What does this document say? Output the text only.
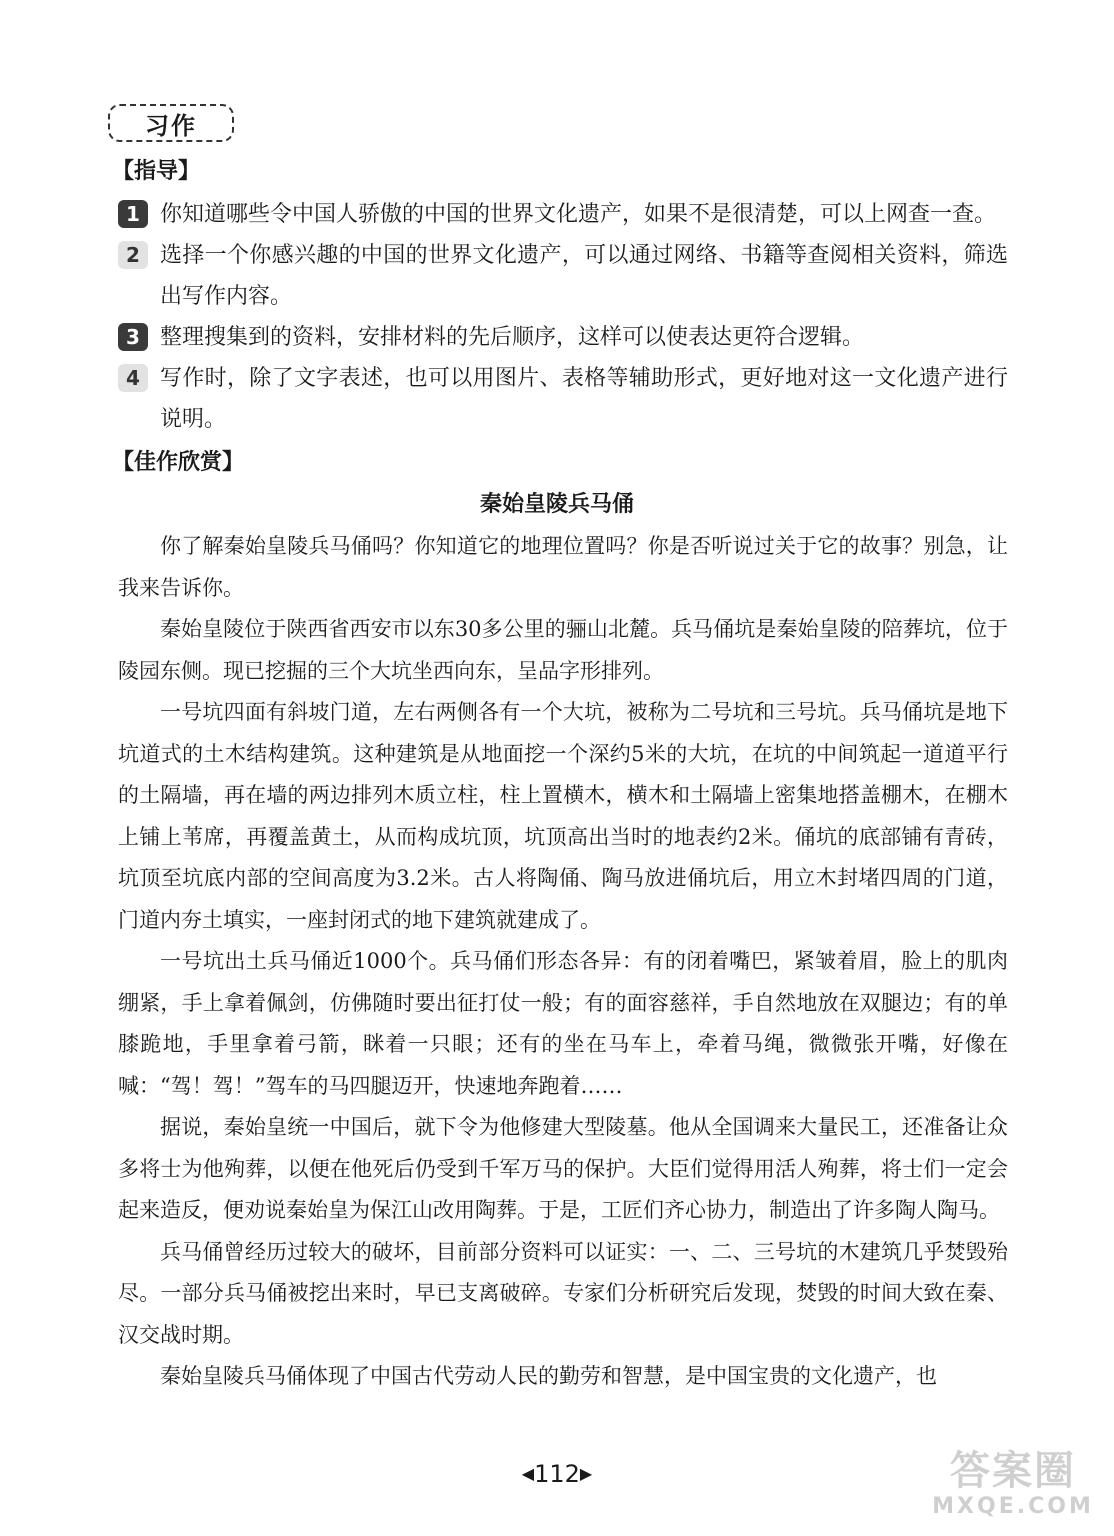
习作
【指导】
1 你知道哪些令中国人骄傲的中国的世界文化遗产，如果不是很清楚，可以上网查一查。
2 选择一个你感兴趣的中国的世界文化遗产，可以通过网络、书籍等查阅相关资料，筛选出写作内容。
3 整理搜集到的资料，安排材料的先后顺序，这样可以使表达更符合逻辑。
4 写作时，除了文字表述，也可以用图片、表格等辅助形式，更好地对这一文化遗产进行说明。
【佳作欣赏】
秦始皇陵兵马俑

你了解秦始皇陵兵马俑吗？你知道它的地理位置吗？你是否听说过关于它的故事？别急，让我来告诉你。

秦始皇陵位于陕西省西安市以东30多公里的骊山北麓。兵马俑坑是秦始皇陵的陪葬坑，位于陵园东侧。现已挖掘的三个大坑坐西向东，呈品字形排列。

一号坑四面有斜坡门道，左右两侧各有一个大坑，被称为二号坑和三号坑。兵马俑坑是地下坑道式的土木结构建筑。这种建筑是从地面挖一个深约5米的大坑，在坑的中间筑起一道道平行的土隔墙，再在墙的两边排列木质立柱，柱上置横木，横木和土隔墙上密集地搭盖棚木，在棚木上铺上苇席，再覆盖黄土，从而构成坑顶，坑顶高出当时的地表约2米。俑坑的底部铺有青砖，坑顶至坑底内部的空间高度为3.2米。古人将陶俑、陶马放进俑坑后，用立木封堵四周的门道，门道内夯土填实，一座封闭式的地下建筑就建成了。

一号坑出土兵马俑近1000个。兵马俑们形态各异：有的闭着嘴巴，紧皱着眉，脸上的肌肉绷紧，手上拿着佩剑，仿佛随时要出征打仗一般；有的面容慈祥，手自然地放在双腿边；有的单膝跪地，手里拿着弓箭，眯着一只眼；还有的坐在马车上，牵着马绳，微微张开嘴，好像在喊：“驾！驾！”驾车的马四腿迈开，快速地奔跑着……

据说，秦始皇统一中国后，就下令为他修建大型陵墓。他从全国调来大量民工，还准备让众多将士为他殉葬，以便在他死后仍受到千军万马的保护。大臣们觉得用活人殉葬，将士们一定会起来造反，便劝说秦始皇为保江山改用陶葬。于是，工匠们齐心协力，制造出了许多陶人陶马。

兵马俑曾经历过较大的破坏，目前部分资料可以证实：一、二、三号坑的木建筑几乎焚毁殆尽。一部分兵马俑被挖出来时，早已支离破碎。专家们分析研究后发现，焚毁的时间大致在秦、汉交战时期。

秦始皇陵兵马俑体现了中国古代劳动人民的勤劳和智慧，是中国宝贵的文化遗产，也

◀112▶	答案圈
MXQE.COM
